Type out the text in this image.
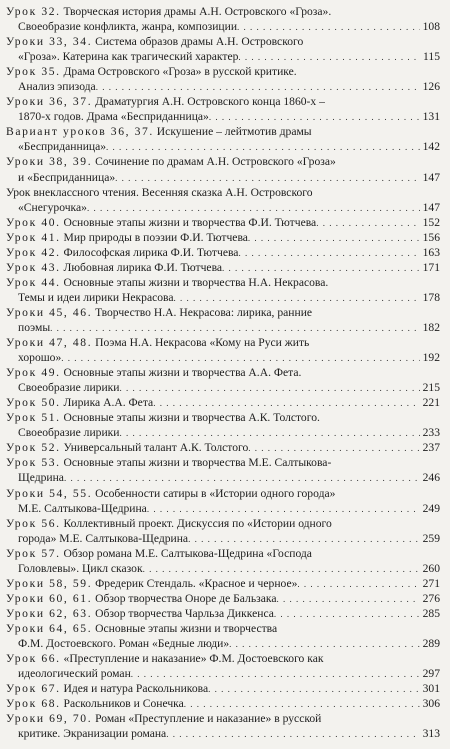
Урок 32. Творческая история драмы А.Н. Островского «Гроза».
Своеобразие конфликта, жанра, композиции . . .	108
Уроки 33, 34. Система образов драмы А.Н. Островского
«Гроза». Катерина как трагический характер . . .	115
Урок 35. Драма Островского «Гроза» в русской критике.
Анализ эпизода . . .	126
Уроки 36, 37. Драматургия А.Н. Островского конца 1860-х –
1870-х годов. Драма «Бесприданница» . . .	131
Вариант уроков 36, 37. Искушение – лейтмотив драмы
«Бесприданница» . . .	142
Уроки 38, 39. Сочинение по драмам А.Н. Островского «Гроза»
и «Бесприданница» . . .	147
Урок внеклассного чтения. Весенняя сказка А.Н. Островского
«Снегурочка» . . .	147
Урок 40. Основные этапы жизни и творчества Ф.И. Тютчева . . .	152
Урок 41. Мир природы в поэзии Ф.И. Тютчева . . .	156
Урок 42. Философская лирика Ф.И. Тютчева . . .	163
Урок 43. Любовная лирика Ф.И. Тютчева . . .	171
Урок 44. Основные этапы жизни и творчества Н.А. Некрасова.
Темы и идеи лирики Некрасова . . .	178
Уроки 45, 46. Творчество Н.А. Некрасова: лирика, ранние
поэмы . . .	182
Уроки 47, 48. Поэма Н.А. Некрасова «Кому на Руси жить
хорошо» . . .	192
Урок 49. Основные этапы жизни и творчества А.А. Фета.
Своеобразие лирики . . .	215
Урок 50. Лирика А.А. Фета . . .	221
Урок 51. Основные этапы жизни и творчества А.К. Толстого.
Своеобразие лирики . . .	233
Урок 52. Универсальный талант А.К. Толстого . . .	237
Урок 53. Основные этапы жизни и творчества М.Е. Салтыкова-
Щедрина . . .	246
Уроки 54, 55. Особенности сатиры в «Истории одного города»
М.Е. Салтыкова-Щедрина . . .	249
Урок 56. Коллективный проект. Дискуссия по «Истории одного
города» М.Е. Салтыкова-Щедрина . . .	259
Урок 57. Обзор романа М.Е. Салтыкова-Щедрина «Господа
Головлевы». Цикл сказок . . .	260
Уроки 58, 59. Фредерик Стендаль. «Красное и черное» . . .	271
Уроки 60, 61. Обзор творчества Оноре де Бальзака . . .	276
Уроки 62, 63. Обзор творчества Чарльза Диккенса . . .	285
Уроки 64, 65. Основные этапы жизни и творчества
Ф.М. Достоевского. Роман «Бедные люди» . . .	289
Урок 66. «Преступление и наказание» Ф.М. Достоевского как
идеологический роман . . .	297
Урок 67. Идея и натура Раскольникова . . .	301
Урок 68. Раскольников и Сонечка . . .	306
Уроки 69, 70. Роман «Преступление и наказание» в русской
критике. Экранизации романа . . .	313
